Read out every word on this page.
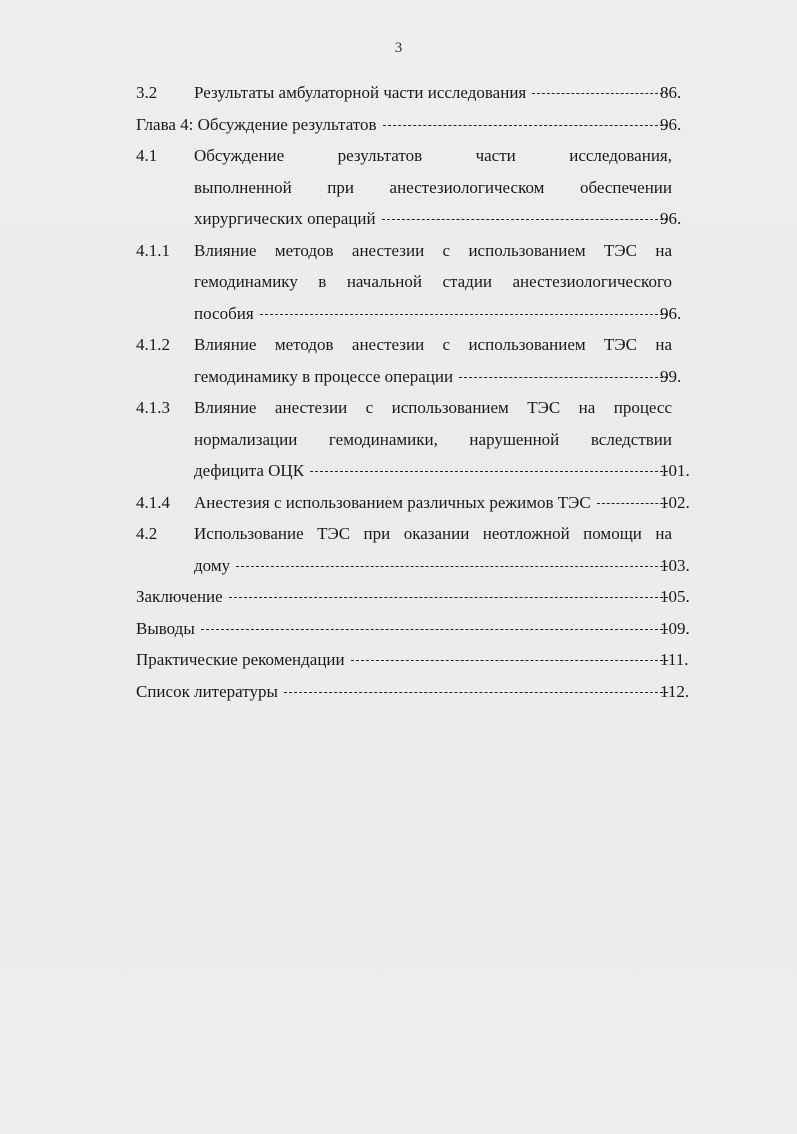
3
3.2	Результаты амбулаторной части исследования	86.
Глава 4: Обсуждение результатов	96.
4.1	Обсуждение результатов части исследования,
выполненной при анестезиологическом обеспечении
хирургических операций	96.
4.1.1	Влияние методов анестезии с использованием ТЭС на
гемодинамику в начальной стадии анестезиологического
пособия	96.
4.1.2	Влияние методов анестезии с использованием ТЭС на
гемодинамику в процессе операции	99.
4.1.3	Влияние анестезии с использованием ТЭС на процесс
нормализации гемодинамики, нарушенной вследствии
дефицита ОЦК	101.
4.1.4	Анестезия с использованием различных режимов ТЭС	102.
4.2	Использование ТЭС при оказании неотложной помощи на
дому	103.
Заключение	105.
Выводы	109.
Практические рекомендации	111.
Список литературы	112.
